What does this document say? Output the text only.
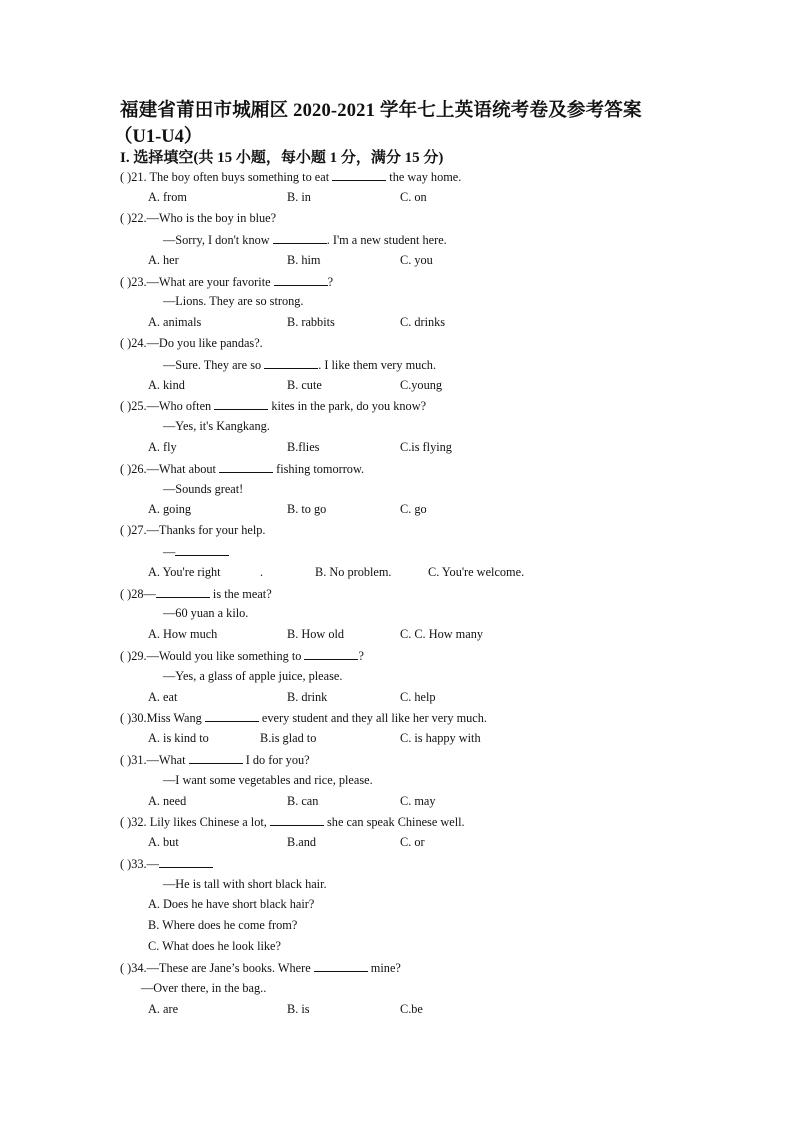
福建省莆田市城厢区 2020-2021 学年七上英语统考卷及参考答案
（U1-U4）
I. 选择填空(共 15 小题，每小题 1 分，满分 15 分)
( )21. The boy often buys something to eat	the way home.
A. from	B. in	C. on
( )22.—Who is the boy in blue?
—Sorry, I don't know	. I'm a new student here.
A. her	B. him	C. you
( )23.—What are your favorite	?
—Lions. They are so strong.
A. animals	B. rabbits	C. drinks
( )24.—Do you like pandas?.
—Sure. They are so	. I like them very much.
A. kind	B. cute	C.young
( )25.—Who often	kites in the park, do you know?
—Yes, it's Kangkang.
A. fly	B.flies	C.is flying
( )26.—What about	fishing tomorrow.
—Sounds great!
A. going	B. to go	C. go
( )27.—Thanks for your help.
—
A. You're right	.	B. No problem.	C. You're welcome.
( )28—	is the meat?
—60 yuan a kilo.
A. How much	B. How old	C. C. How many
( )29.—Would you like something to	?
—Yes, a glass of apple juice, please.
A. eat	B. drink	C. help
( )30.Miss Wang	every student and they all like her very much.
A. is kind to	B.is glad to	C. is happy with
( )31.—What	I do for you?
—I want some vegetables and rice, please.
A. need	B. can	C. may
( )32. Lily likes Chinese a lot,	she can speak Chinese well.
A. but	B.and	C. or
( )33.—
—He is tall with short black hair.
A. Does he have short black hair?
B. Where does he come from?
C. What does he look like?
( )34.—These are Jane’s books. Where	mine?
—Over there, in the bag..
A. are	B. is	C.be
